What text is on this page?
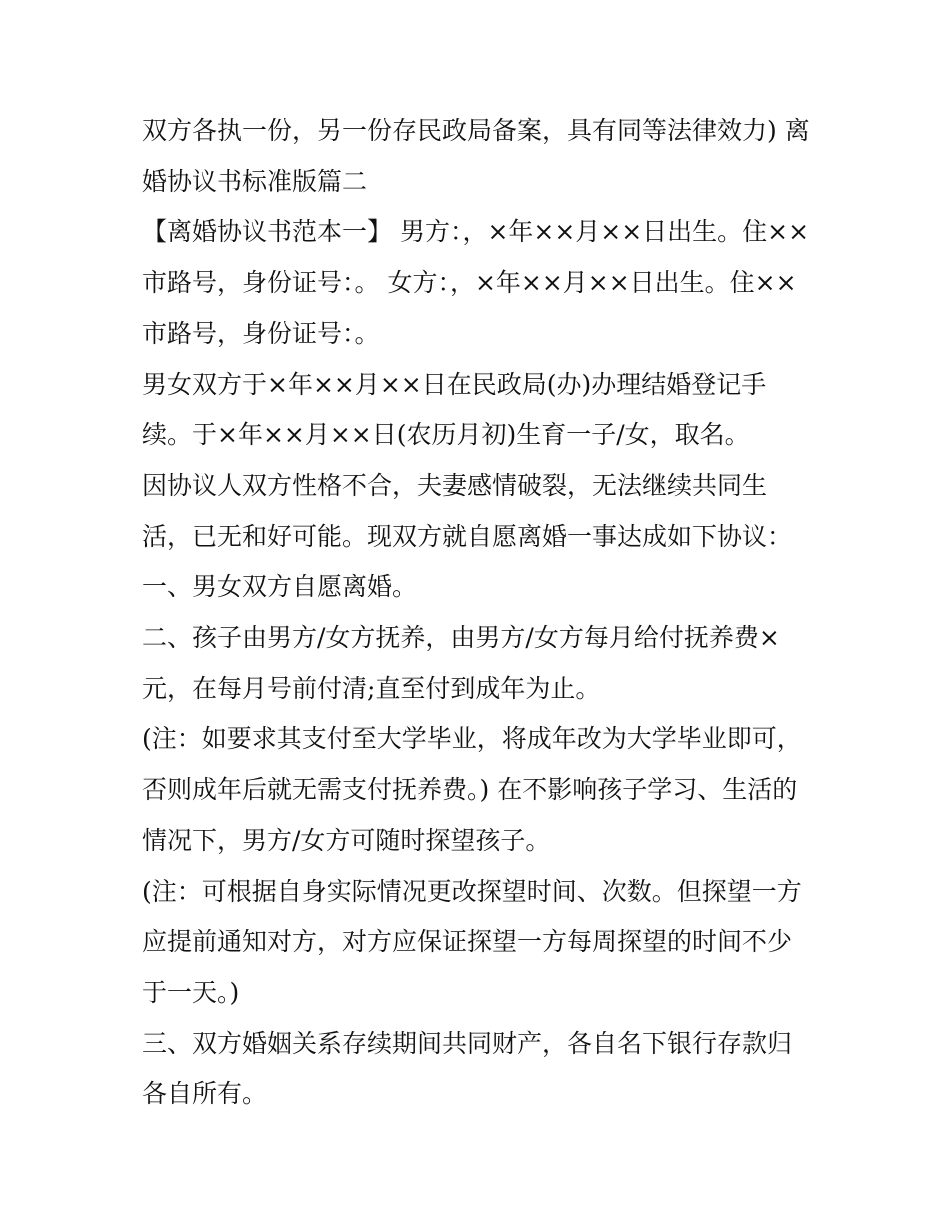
双方各执一份，另一份存民政局备案，具有同等法律效力) 离婚协议书标准版篇二

【离婚协议书范本一】 男方：，×年××月××日出生。住××市路号，身份证号：。 女方：，×年××月××日出生。住××市路号，身份证号：。

男女双方于×年××月××日在民政局(办)办理结婚登记手续。于×年××月××日(农历月初)生育一子/女，取名。

因协议人双方性格不合，夫妻感情破裂，无法继续共同生活，已无和好可能。现双方就自愿离婚一事达成如下协议： 一、男女双方自愿离婚。

二、孩子由男方/女方抚养，由男方/女方每月给付抚养费×元，在每月号前付清;直至付到成年为止。

(注：如要求其支付至大学毕业，将成年改为大学毕业即可，否则成年后就无需支付抚养费。) 在不影响孩子学习、生活的情况下，男方/女方可随时探望孩子。

(注：可根据自身实际情况更改探望时间、次数。但探望一方应提前通知对方，对方应保证探望一方每周探望的时间不少于一天。)

三、双方婚姻关系存续期间共同财产，各自名下银行存款归各自所有。
